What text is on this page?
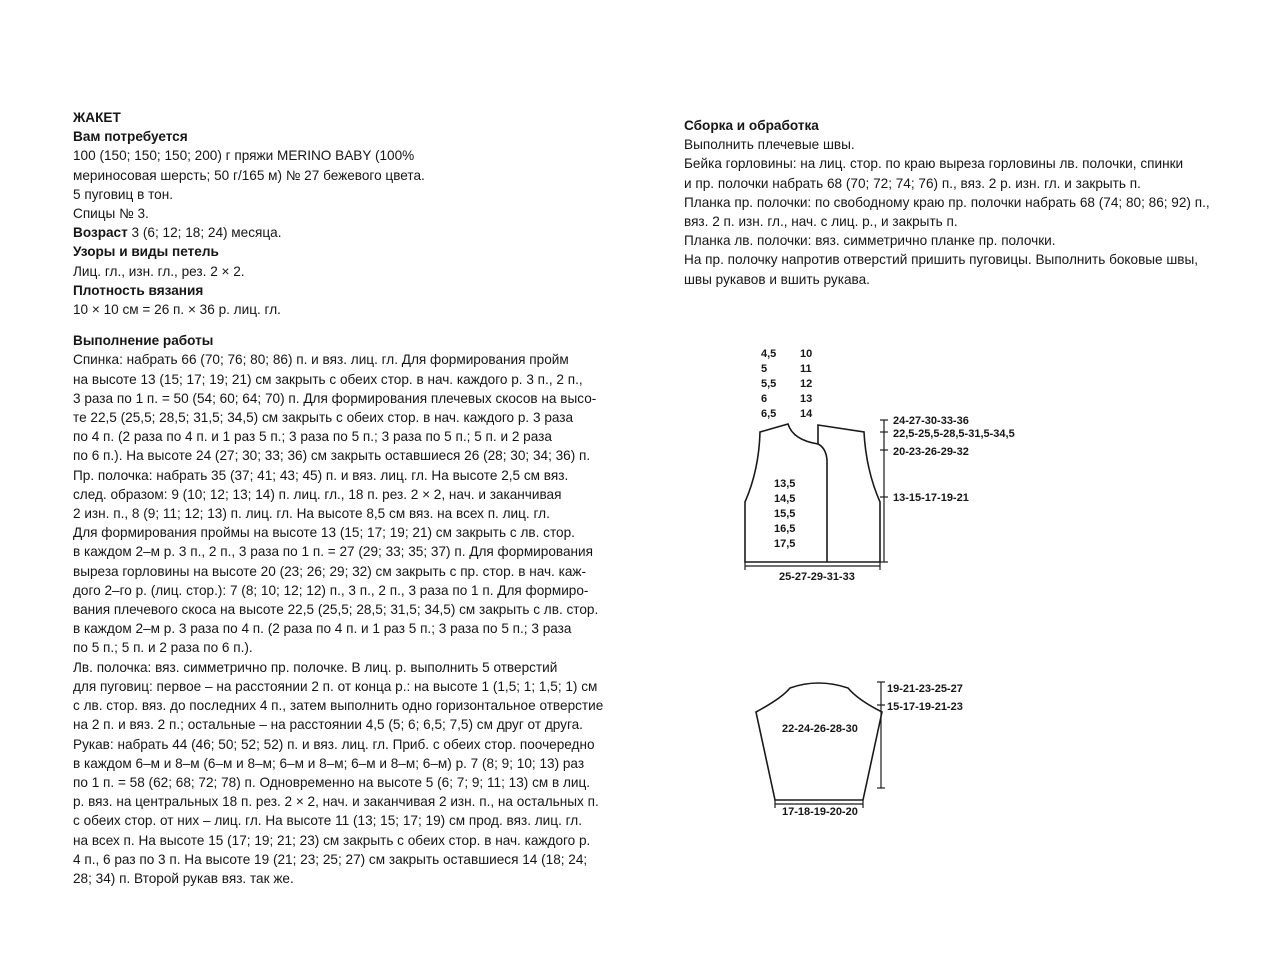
ЖАКЕТ

Вам потребуется

100 (150; 150; 150; 200) г пряжи MERINO BABY (100%

мериносовая шерсть; 50 г/165 м) № 27 бежевого цвета.

5 пуговиц в тон.

Спицы № 3.

Возраст 3 (6; 12; 18; 24) месяца.

Узоры и виды петель

Лиц. гл., изн. гл., рез. 2 × 2.

Плотность вязания

10 × 10 см = 26 п. × 36 р. лиц. гл.

Выполнение работы

Спинка: набрать 66 (70; 76; 80; 86) п. и вяз. лиц. гл. Для формирования пройм

на высоте 13 (15; 17; 19; 21) см закрыть с обеих стор. в нач. каждого р. 3 п., 2 п.,

3 раза по 1 п. = 50 (54; 60; 64; 70) п. Для формирования плечевых скосов на высо-

те 22,5 (25,5; 28,5; 31,5; 34,5) см закрыть с обеих стор. в нач. каждого р. 3 раза

по 4 п. (2 раза по 4 п. и 1 раз 5 п.; 3 раза по 5 п.; 3 раза по 5 п.; 5 п. и 2 раза

по 6 п.). На высоте 24 (27; 30; 33; 36) см закрыть оставшиеся 26 (28; 30; 34; 36) п.

Пр. полочка: набрать 35 (37; 41; 43; 45) п. и вяз. лиц. гл. На высоте 2,5 см вяз.

след. образом: 9 (10; 12; 13; 14) п. лиц. гл., 18 п. рез. 2 × 2, нач. и заканчивая

2 изн. п., 8 (9; 11; 12; 13) п. лиц. гл. На высоте 8,5 см вяз. на всех п. лиц. гл.

Для формирования проймы на высоте 13 (15; 17; 19; 21) см закрыть с лв. стор.

в каждом 2–м р. 3 п., 2 п., 3 раза по 1 п. = 27 (29; 33; 35; 37) п. Для формирования

выреза горловины на высоте 20 (23; 26; 29; 32) см закрыть с пр. стор. в нач. каж-

дого 2–го р. (лиц. стор.): 7 (8; 10; 12; 12) п., 3 п., 2 п., 3 раза по 1 п. Для формиро-

вания плечевого скоса на высоте 22,5 (25,5; 28,5; 31,5; 34,5) см закрыть с лв. стор.

в каждом 2–м р. 3 раза по 4 п. (2 раза по 4 п. и 1 раз 5 п.; 3 раза по 5 п.; 3 раза

по 5 п.; 5 п. и 2 раза по 6 п.).

Лв. полочка: вяз. симметрично пр. полочке. В лиц. р. выполнить 5 отверстий

для пуговиц: первое – на расстоянии 2 п. от конца р.: на высоте 1 (1,5; 1; 1,5; 1) см

с лв. стор. вяз. до последних 4 п., затем выполнить одно горизонтальное отверстие

на 2 п. и вяз. 2 п.; остальные – на расстоянии 4,5 (5; 6; 6,5; 7,5) см друг от друга.

Рукав: набрать 44 (46; 50; 52; 52) п. и вяз. лиц. гл. Приб. с обеих стор. поочередно

в каждом 6–м и 8–м (6–м и 8–м; 6–м и 8–м; 6–м и 8–м; 6–м) р. 7 (8; 9; 10; 13) раз

по 1 п. = 58 (62; 68; 72; 78) п. Одновременно на высоте 5 (6; 7; 9; 11; 13) см в лиц.

р. вяз. на центральных 18 п. рез. 2 × 2, нач. и заканчивая 2 изн. п., на остальных п.

с обеих стор. от них – лиц. гл. На высоте 11 (13; 15; 17; 19) см прод. вяз. лиц. гл.

на всех п. На высоте 15 (17; 19; 21; 23) см закрыть с обеих стор. в нач. каждого р.

4 п., 6 раз по 3 п. На высоте 19 (21; 23; 25; 27) см закрыть оставшиеся 14 (18; 24;

28; 34) п. Второй рукав вяз. так же.

Сборка и обработка

Выполнить плечевые швы.

Бейка горловины: на лиц. стор. по краю выреза горловины лв. полочки, спинки

и пр. полочки набрать 68 (70; 72; 74; 76) п., вяз. 2 р. изн. гл. и закрыть п.

Планка пр. полочки: по свободному краю пр. полочки набрать 68 (74; 80; 86; 92) п.,

вяз. 2 п. изн. гл., нач. с лиц. р., и закрыть п.

Планка лв. полочки: вяз. симметрично планке пр. полочки.

На пр. полочку напротив отверстий пришить пуговицы. Выполнить боковые швы,

швы рукавов и вшить рукава.

4,5
5
5,5
6
6,5
10
11
12
13
14
13,5
14,5
15,5
16,5
17,5
24-27-30-33-36
22,5-25,5-28,5-31,5-34,5
20-23-26-29-32
13-15-17-19-21
25-27-29-31-33
22-24-26-28-30
19-21-23-25-27
15-17-19-21-23
17-18-19-20-20
